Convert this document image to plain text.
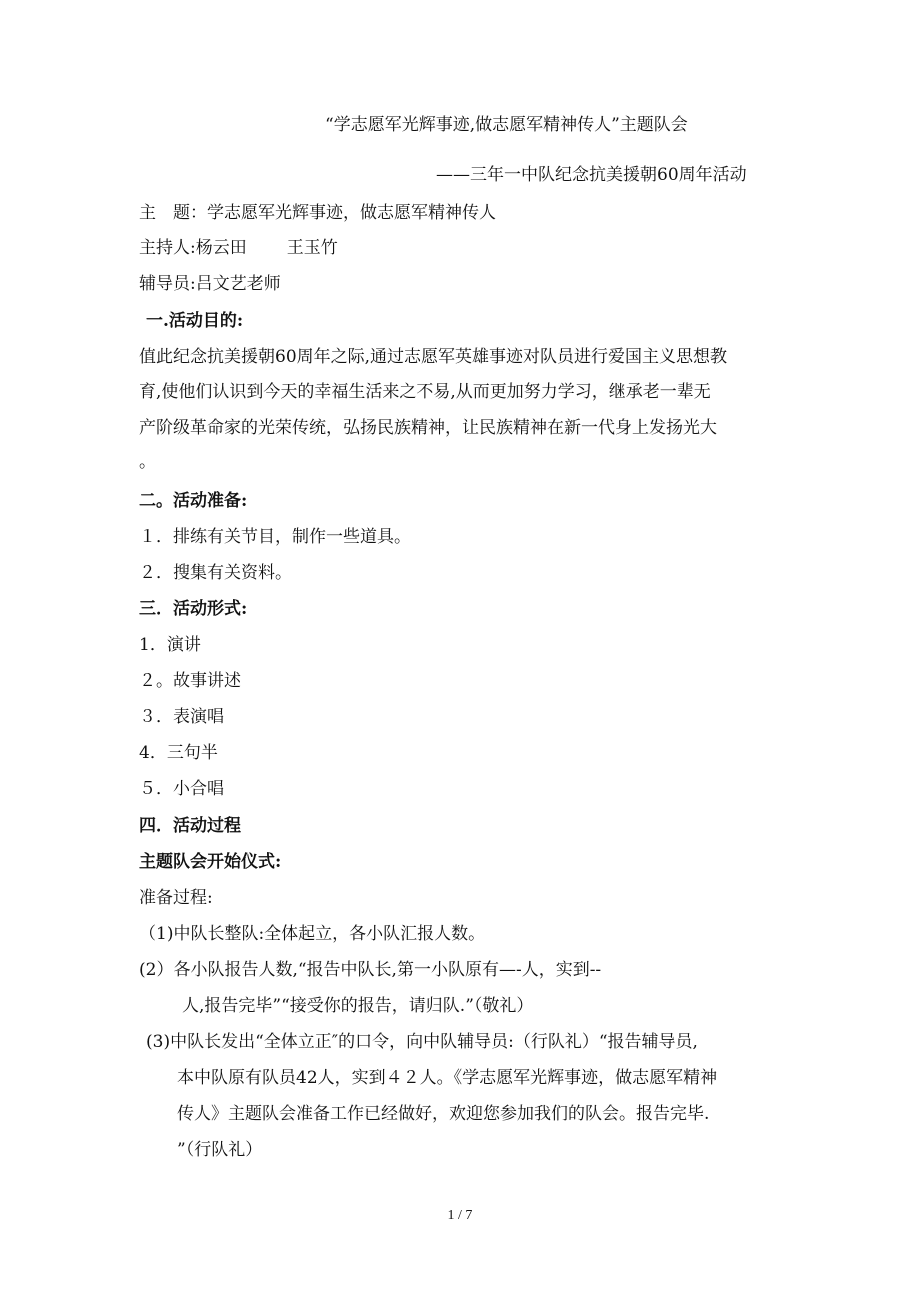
“学志愿军光辉事迹,做志愿军精神传人”主题队会
——三年一中队纪念抗美援朝60周年活动
主　题：学志愿军光辉事迹，做志愿军精神传人
主持人:杨云田 王玉竹
辅导员:吕文艺老师
一.活动目的:
值此纪念抗美援朝60周年之际,通过志愿军英雄事迹对队员进行爱国主义思想教
育,使他们认识到今天的幸福生活来之不易,从而更加努力学习，继承老一辈无
产阶级革命家的光荣传统，弘扬民族精神，让民族精神在新一代身上发扬光大
。
二。活动准备:
１．排练有关节目，制作一些道具。
２．搜集有关资料。
三．活动形式:
1．演讲
２。故事讲述
３．表演唱
4．三句半
５．小合唱
四．活动过程
主题队会开始仪式:
准备过程:
（1)中队长整队:全体起立，各小队汇报人数。
(2）各小队报告人数,“报告中队长,第一小队原有—-人，实到--
人,报告完毕”“接受你的报告，请归队.”（敬礼）
(3)中队长发出“全体立正″的口令，向中队辅导员:（行队礼）“报告辅导员,
本中队原有队员42人，实到４２人。《学志愿军光辉事迹，做志愿军精神
传人》主题队会准备工作已经做好，欢迎您参加我们的队会。报告完毕.
”（行队礼）
1 / 7
